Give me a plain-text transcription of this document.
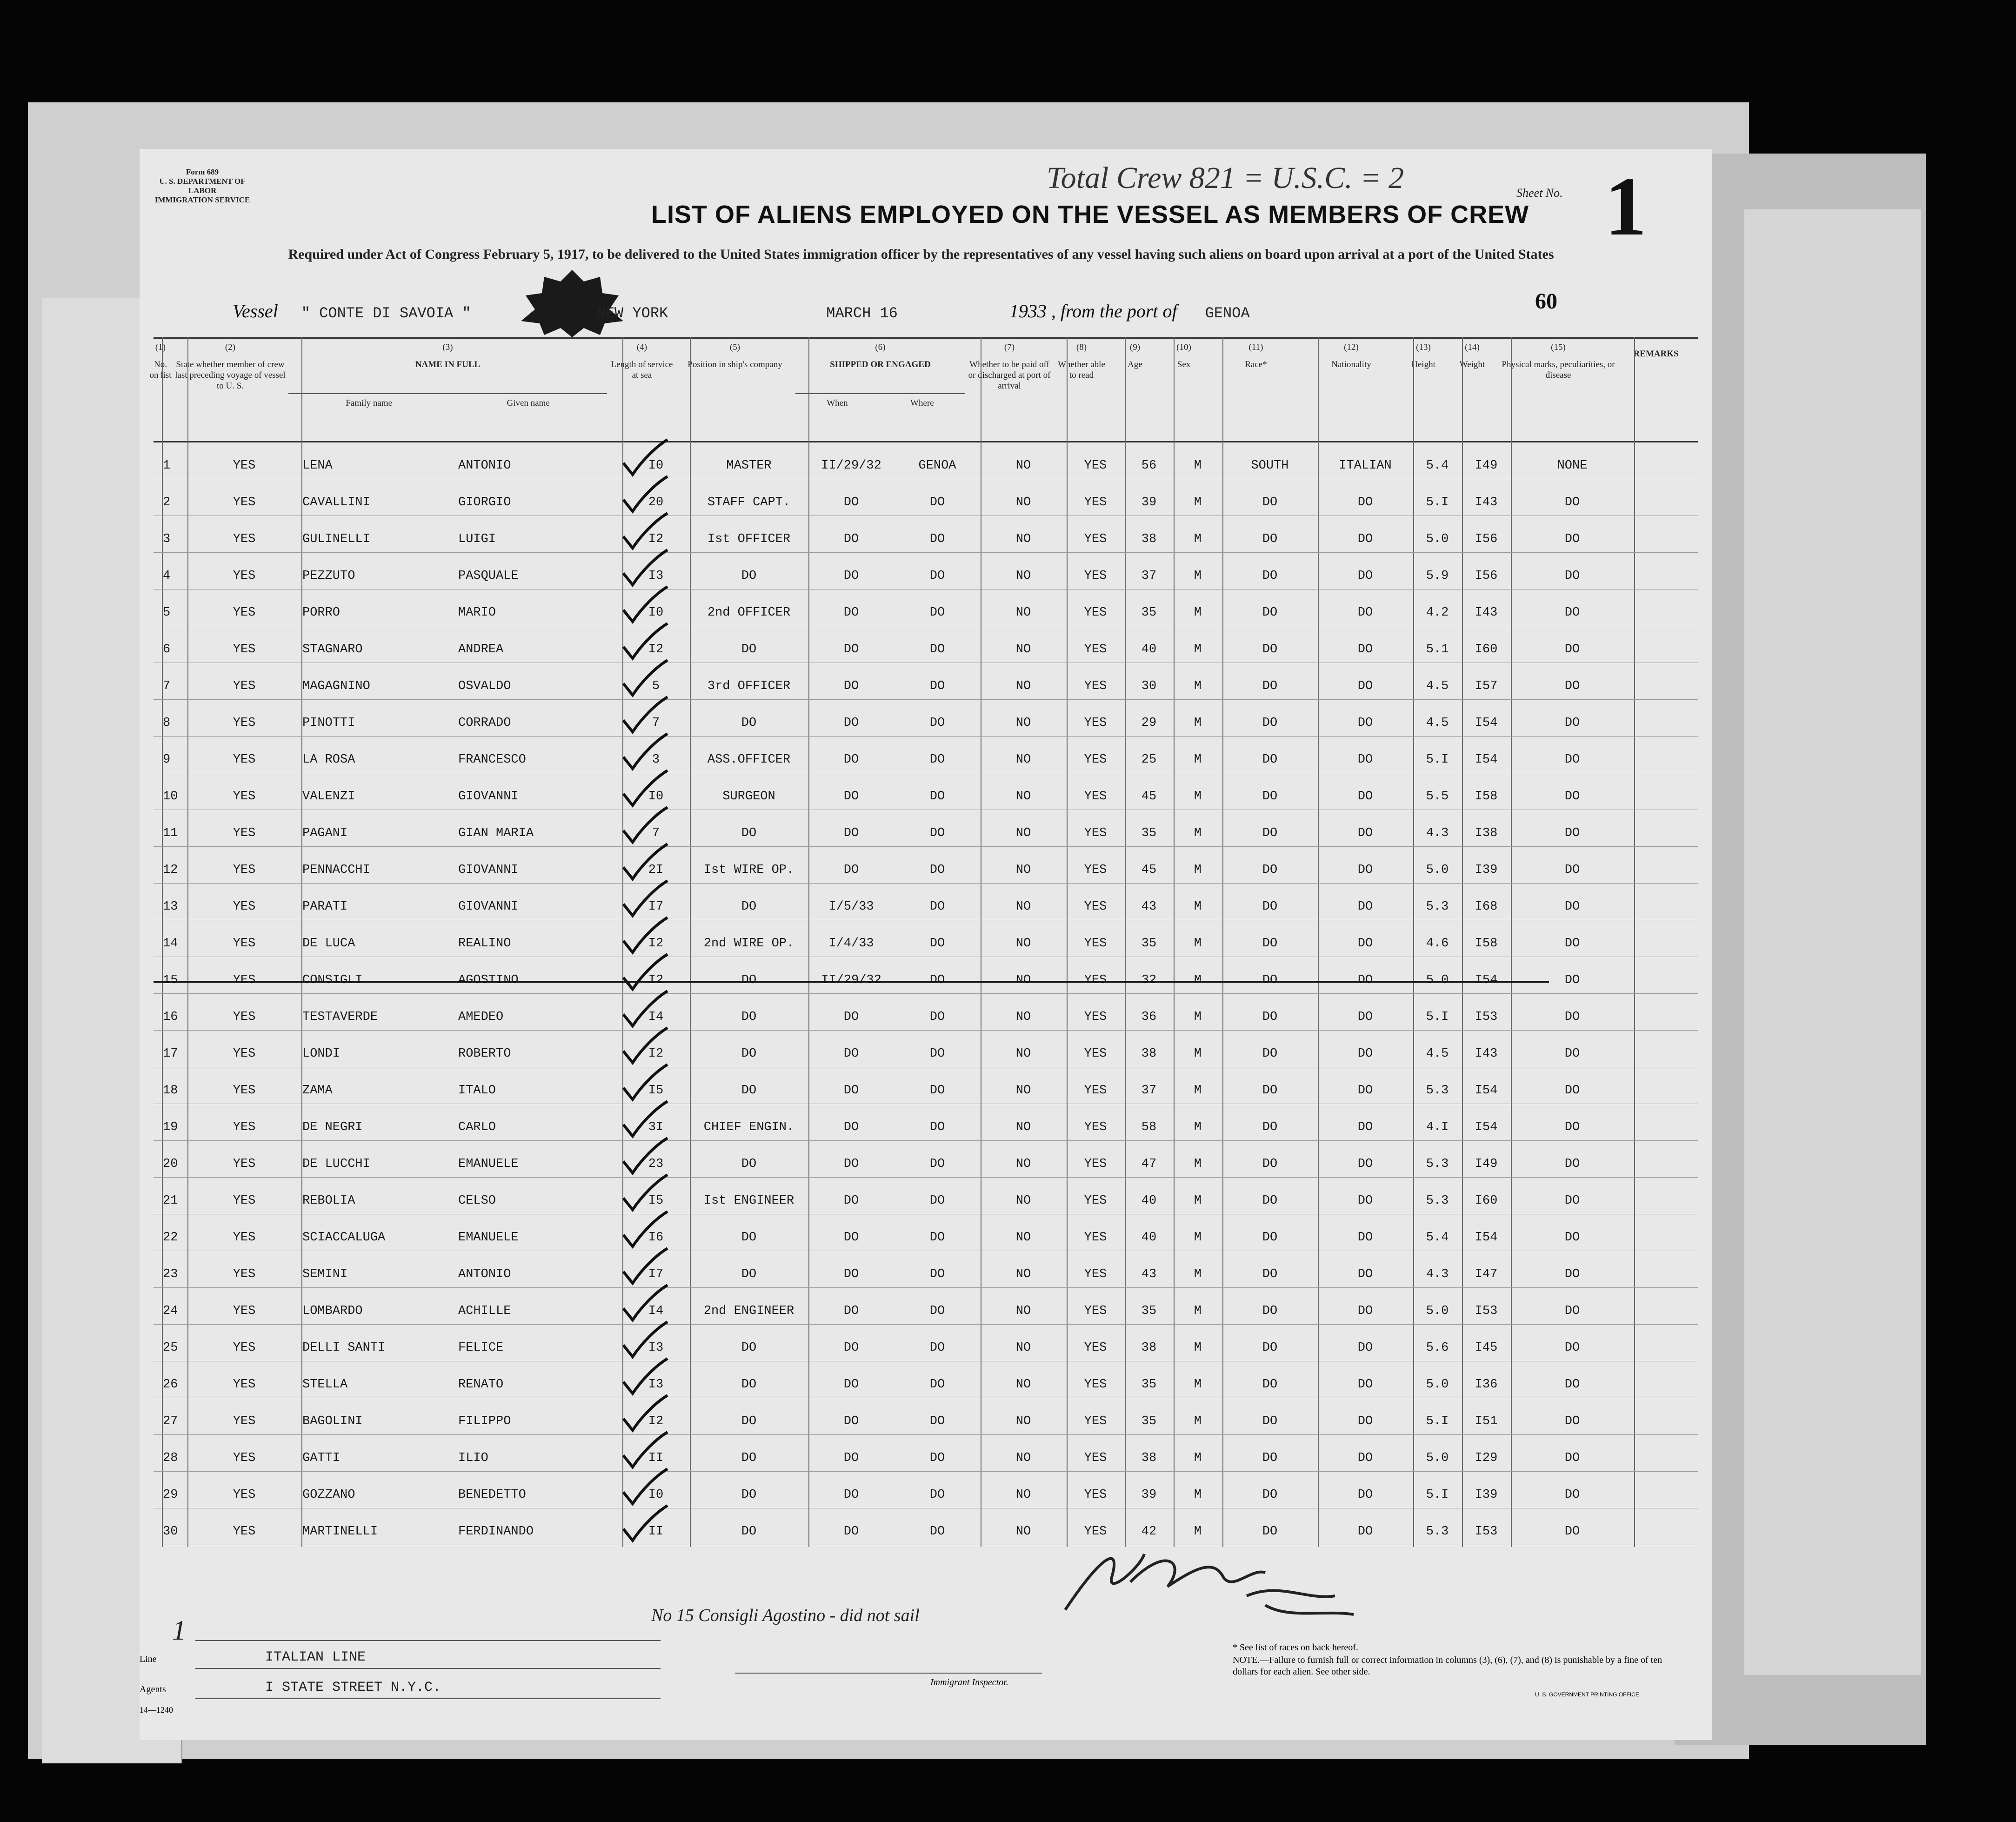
Form 689
U. S. DEPARTMENT OF LABOR
IMMIGRATION SERVICE
Total Crew 821 = U.S.C. = 2	Sheet No. 1
LIST OF ALIENS EMPLOYED ON THE VESSEL AS MEMBERS OF CREW
Required under Act of Congress February 5, 1917, to be delivered to the United States immigration officer by the representatives of any vessel having such aliens on board upon arrival at a port of the United States
Vessel " CONTE DI SAVOIA "	NEW YORK	MARCH 16	1933 , from the port of GENOA	60
(1)
No. on list
(2)
State whether member of crew last preceding voyage of vessel to U. S.
(3)
NAME IN FULL
Family name	Given name
(4)
Length of service at sea
(5)
Position in ship's company
(6)
SHIPPED OR ENGAGED
When	Where
(7)
Whether to be paid off or discharged at port of arrival
(8)
Whether able to read
(9)
Age
(10)
Sex
(11)
Race*
(12)
Nationality
(13)
Height
(14)
Weight
(15)
Physical marks, peculiarities, or disease
REMARKS
1	YES	LENA	ANTONIO	I0	MASTER	II/29/32	GENOA	NO	YES	56	M	SOUTH	ITALIAN	5.4	I49	NONE
2	YES	CAVALLINI	GIORGIO	20	STAFF CAPT.	DO	DO	NO	YES	39	M	DO	DO	5.I	I43	DO
3	YES	GULINELLI	LUIGI	I2	Ist OFFICER	DO	DO	NO	YES	38	M	DO	DO	5.0	I56	DO
4	YES	PEZZUTO	PASQUALE	I3	DO	DO	DO	NO	YES	37	M	DO	DO	5.9	I56	DO
5	YES	PORRO	MARIO	I0	2nd OFFICER	DO	DO	NO	YES	35	M	DO	DO	4.2	I43	DO
6	YES	STAGNARO	ANDREA	I2	DO	DO	DO	NO	YES	40	M	DO	DO	5.1	I60	DO
7	YES	MAGAGNINO	OSVALDO	5	3rd OFFICER	DO	DO	NO	YES	30	M	DO	DO	4.5	I57	DO
8	YES	PINOTTI	CORRADO	7	DO	DO	DO	NO	YES	29	M	DO	DO	4.5	I54	DO
9	YES	LA ROSA	FRANCESCO	3	ASS.OFFICER	DO	DO	NO	YES	25	M	DO	DO	5.I	I54	DO
10	YES	VALENZI	GIOVANNI	I0	SURGEON	DO	DO	NO	YES	45	M	DO	DO	5.5	I58	DO
11	YES	PAGANI	GIAN MARIA	7	DO	DO	DO	NO	YES	35	M	DO	DO	4.3	I38	DO
12	YES	PENNACCHI	GIOVANNI	2I	Ist WIRE OP.	DO	DO	NO	YES	45	M	DO	DO	5.0	I39	DO
13	YES	PARATI	GIOVANNI	I7	DO	I/5/33	DO	NO	YES	43	M	DO	DO	5.3	I68	DO
14	YES	DE LUCA	REALINO	I2	2nd WIRE OP.	I/4/33	DO	NO	YES	35	M	DO	DO	4.6	I58	DO
15	YES	CONSIGLI	AGOSTINO	I2	DO	II/29/32	DO	NO	YES	32	M	DO	DO	5.0	I54	DO
16	YES	TESTAVERDE	AMEDEO	I4	DO	DO	DO	NO	YES	36	M	DO	DO	5.I	I53	DO
17	YES	LONDI	ROBERTO	I2	DO	DO	DO	NO	YES	38	M	DO	DO	4.5	I43	DO
18	YES	ZAMA	ITALO	I5	DO	DO	DO	NO	YES	37	M	DO	DO	5.3	I54	DO
19	YES	DE NEGRI	CARLO	3I	CHIEF ENGIN.	DO	DO	NO	YES	58	M	DO	DO	4.I	I54	DO
20	YES	DE LUCCHI	EMANUELE	23	DO	DO	DO	NO	YES	47	M	DO	DO	5.3	I49	DO
21	YES	REBOLIA	CELSO	I5	Ist ENGINEER	DO	DO	NO	YES	40	M	DO	DO	5.3	I60	DO
22	YES	SCIACCALUGA	EMANUELE	I6	DO	DO	DO	NO	YES	40	M	DO	DO	5.4	I54	DO
23	YES	SEMINI	ANTONIO	I7	DO	DO	DO	NO	YES	43	M	DO	DO	4.3	I47	DO
24	YES	LOMBARDO	ACHILLE	I4	2nd ENGINEER	DO	DO	NO	YES	35	M	DO	DO	5.0	I53	DO
25	YES	DELLI SANTI	FELICE	I3	DO	DO	DO	NO	YES	38	M	DO	DO	5.6	I45	DO
26	YES	STELLA	RENATO	I3	DO	DO	DO	NO	YES	35	M	DO	DO	5.0	I36	DO
27	YES	BAGOLINI	FILIPPO	I2	DO	DO	DO	NO	YES	35	M	DO	DO	5.I	I51	DO
28	YES	GATTI	ILIO	II	DO	DO	DO	NO	YES	38	M	DO	DO	5.0	I29	DO
29	YES	GOZZANO	BENEDETTO	I0	DO	DO	DO	NO	YES	39	M	DO	DO	5.I	I39	DO
30	YES	MARTINELLI	FERDINANDO	II	DO	DO	DO	NO	YES	42	M	DO	DO	5.3	I53	DO
1
Line	ITALIAN LINE
Agents	I STATE STREET N.Y.C.
14—1240
No 15 Consigli Agostino - did not sail
Immigrant Inspector.
* See list of races on back hereof.
NOTE.—Failure to furnish full or correct information in columns (3), (6), (7), and (8) is punishable by a fine of ten dollars for each alien. See other side.
U. S. GOVERNMENT PRINTING OFFICE
